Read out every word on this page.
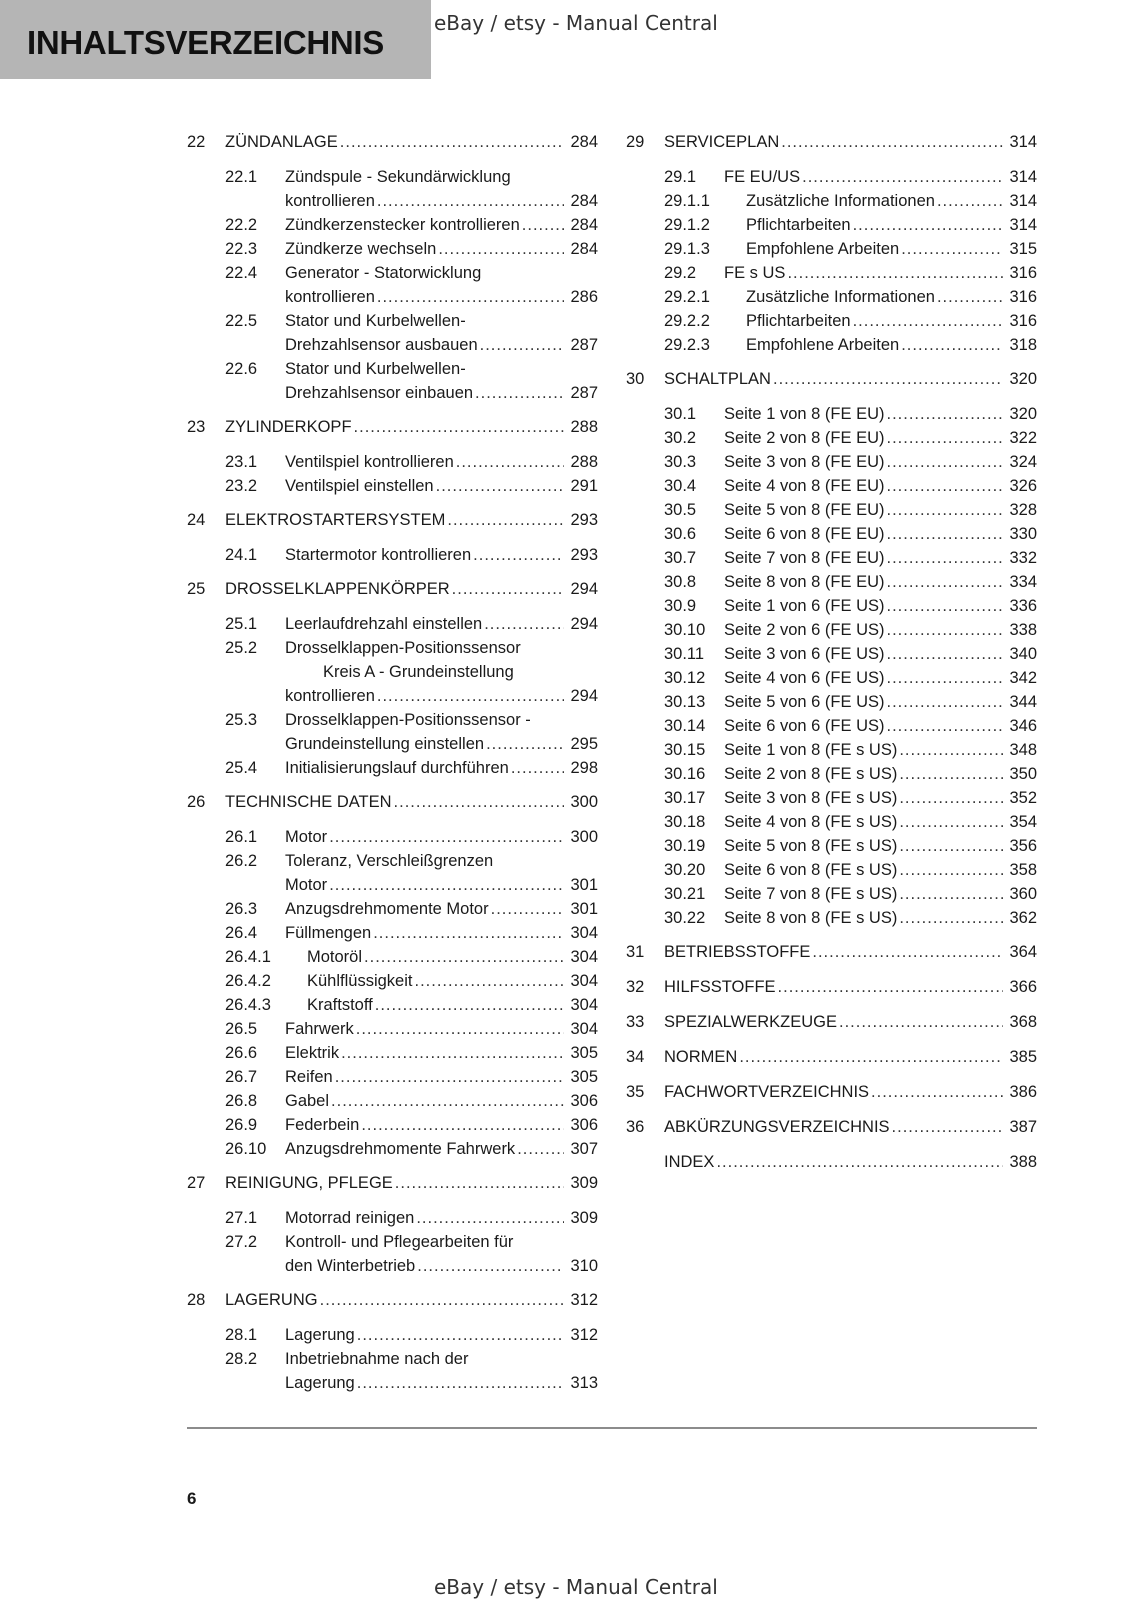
INHALTSVERZEICHNIS
eBay / etsy - Manual Central
22	ZÜNDANLAGE .....	284
22.1	Zündspule - Sekundärwicklung
kontrollieren .....	284
22.2	Zündkerzenstecker kontrollieren .....	284
22.3	Zündkerze wechseln .....	284
22.4	Generator - Statorwicklung
kontrollieren .....	286
22.5	Stator und Kurbelwellen-
Drehzahlsensor ausbauen .....	287
22.6	Stator und Kurbelwellen-
Drehzahlsensor einbauen .....	287
23	ZYLINDERKOPF .....	288
23.1	Ventilspiel kontrollieren .....	288
23.2	Ventilspiel einstellen .....	291
24	ELEKTROSTARTERSYSTEM .....	293
24.1	Startermotor kontrollieren .....	293
25	DROSSELKLAPPENKÖRPER .....	294
25.1	Leerlaufdrehzahl einstellen .....	294
25.2	Drosselklappen-Positionssensor
Kreis A - Grundeinstellung
kontrollieren .....	294
25.3	Drosselklappen-Positionssensor -
Grundeinstellung einstellen .....	295
25.4	Initialisierungslauf durchführen .....	298
26	TECHNISCHE DATEN .....	300
26.1	Motor .....	300
26.2	Toleranz, Verschleißgrenzen
Motor .....	301
26.3	Anzugsdrehmomente Motor .....	301
26.4	Füllmengen .....	304
26.4.1	Motoröl .....	304
26.4.2	Kühlflüssigkeit .....	304
26.4.3	Kraftstoff .....	304
26.5	Fahrwerk .....	304
26.6	Elektrik .....	305
26.7	Reifen .....	305
26.8	Gabel .....	306
26.9	Federbein .....	306
26.10	Anzugsdrehmomente Fahrwerk .....	307
27	REINIGUNG, PFLEGE .....	309
27.1	Motorrad reinigen .....	309
27.2	Kontroll- und Pflegearbeiten für
den Winterbetrieb .....	310
28	LAGERUNG .....	312
28.1	Lagerung .....	312
28.2	Inbetriebnahme nach der
Lagerung .....	313
29	SERVICEPLAN .....	314
29.1	FE EU/US .....	314
29.1.1	Zusätzliche Informationen .....	314
29.1.2	Pflichtarbeiten .....	314
29.1.3	Empfohlene Arbeiten .....	315
29.2	FE s US .....	316
29.2.1	Zusätzliche Informationen .....	316
29.2.2	Pflichtarbeiten .....	316
29.2.3	Empfohlene Arbeiten .....	318
30	SCHALTPLAN .....	320
30.1	Seite 1 von 8 (FE EU) .....	320
30.2	Seite 2 von 8 (FE EU) .....	322
30.3	Seite 3 von 8 (FE EU) .....	324
30.4	Seite 4 von 8 (FE EU) .....	326
30.5	Seite 5 von 8 (FE EU) .....	328
30.6	Seite 6 von 8 (FE EU) .....	330
30.7	Seite 7 von 8 (FE EU) .....	332
30.8	Seite 8 von 8 (FE EU) .....	334
30.9	Seite 1 von 6 (FE US) .....	336
30.10	Seite 2 von 6 (FE US) .....	338
30.11	Seite 3 von 6 (FE US) .....	340
30.12	Seite 4 von 6 (FE US) .....	342
30.13	Seite 5 von 6 (FE US) .....	344
30.14	Seite 6 von 6 (FE US) .....	346
30.15	Seite 1 von 8 (FE s US) .....	348
30.16	Seite 2 von 8 (FE s US) .....	350
30.17	Seite 3 von 8 (FE s US) .....	352
30.18	Seite 4 von 8 (FE s US) .....	354
30.19	Seite 5 von 8 (FE s US) .....	356
30.20	Seite 6 von 8 (FE s US) .....	358
30.21	Seite 7 von 8 (FE s US) .....	360
30.22	Seite 8 von 8 (FE s US) .....	362
31	BETRIEBSSTOFFE .....	364
32	HILFSSTOFFE .....	366
33	SPEZIALWERKZEUGE .....	368
34	NORMEN .....	385
35	FACHWORTVERZEICHNIS .....	386
36	ABKÜRZUNGSVERZEICHNIS .....	387
INDEX .....	388
6
eBay / etsy - Manual Central
